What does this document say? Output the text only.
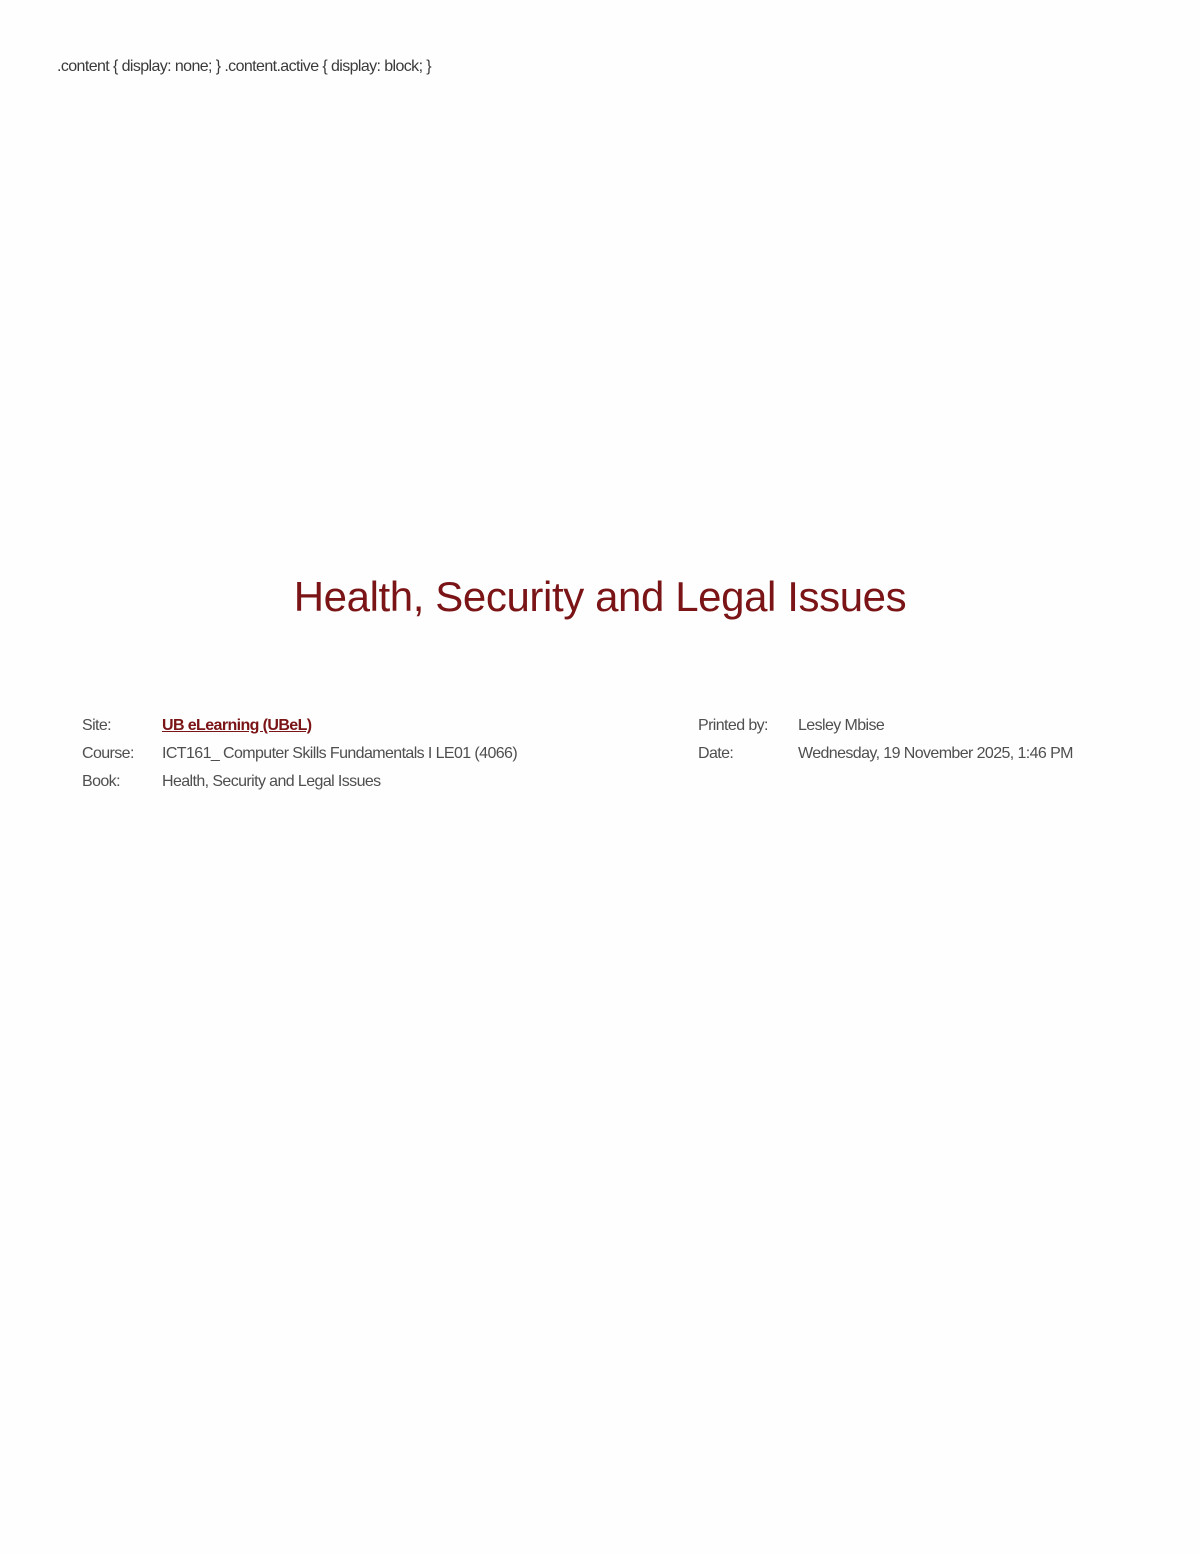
.content { display: none; } .content.active { display: block; }
Health, Security and Legal Issues
Site:	UB eLearning (UBeL)
Course:	ICT161_ Computer Skills Fundamentals I LE01 (4066)
Book:	Health, Security and Legal Issues
Printed by:	Lesley Mbise
Date:	Wednesday, 19 November 2025, 1:46 PM
